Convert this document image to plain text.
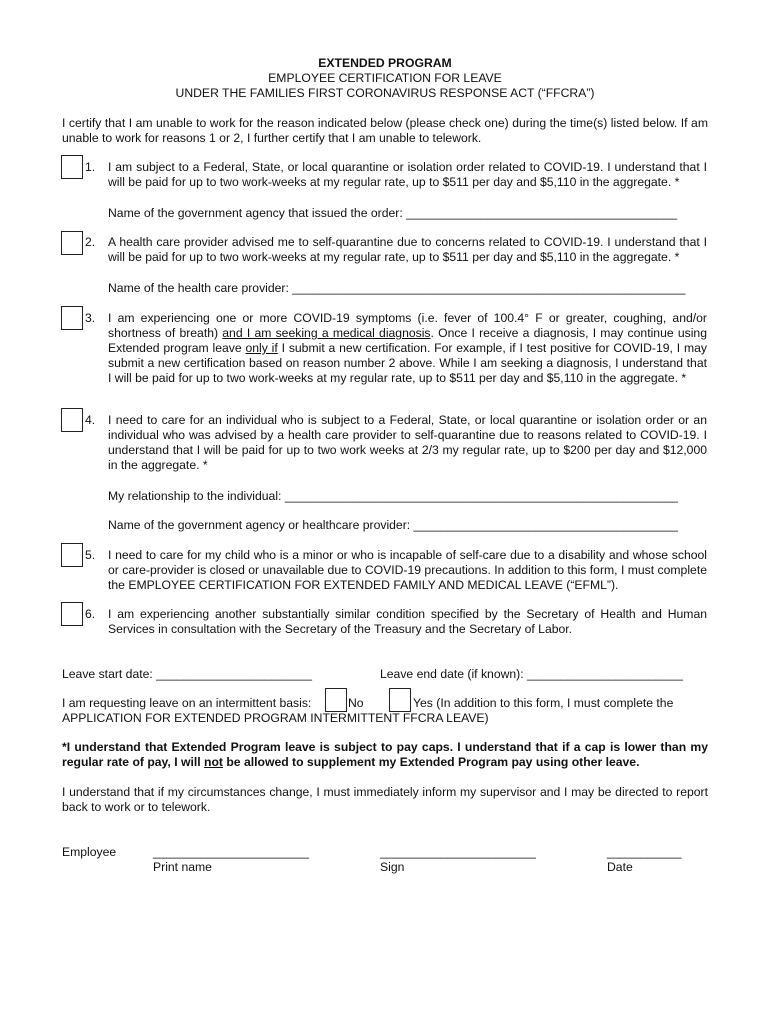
EXTENDED PROGRAM
EMPLOYEE CERTIFICATION FOR LEAVE
UNDER THE FAMILIES FIRST CORONAVIRUS RESPONSE ACT (“FFCRA”)
I certify that I am unable to work for the reason indicated below (please check one) during the time(s) listed below. If am unable to work for reasons 1 or 2, I further certify that I am unable to telework.
1.	I am subject to a Federal, State, or local quarantine or isolation order related to COVID-19. I understand that I will be paid for up to two work-weeks at my regular rate, up to $511 per day and $5,110 in the aggregate. *
Name of the government agency that issued the order: ________________________________________
2.	A health care provider advised me to self-quarantine due to concerns related to COVID-19. I understand that I will be paid for up to two work-weeks at my regular rate, up to $511 per day and $5,110 in the aggregate. *
Name of the health care provider: __________________________________________________________
3.	I am experiencing one or more COVID-19 symptoms (i.e. fever of 100.4° F or greater, coughing, and/or shortness of breath) and I am seeking a medical diagnosis. Once I receive a diagnosis, I may continue using Extended program leave only if I submit a new certification. For example, if I test positive for COVID-19, I may submit a new certification based on reason number 2 above. While I am seeking a diagnosis, I understand that I will be paid for up to two work-weeks at my regular rate, up to $511 per day and $5,110 in the aggregate. *
4.	I need to care for an individual who is subject to a Federal, State, or local quarantine or isolation order or an individual who was advised by a health care provider to self-quarantine due to reasons related to COVID-19. I understand that I will be paid for up to two work weeks at 2/3 my regular rate, up to $200 per day and $12,000 in the aggregate. *
My relationship to the individual: __________________________________________________________
Name of the government agency or healthcare provider: _______________________________________
5.	I need to care for my child who is a minor or who is incapable of self-care due to a disability and whose school or care-provider is closed or unavailable due to COVID-19 precautions. In addition to this form, I must complete the EMPLOYEE CERTIFICATION FOR EXTENDED FAMILY AND MEDICAL LEAVE (“EFML”).
6.	I am experiencing another substantially similar condition specified by the Secretary of Health and Human Services in consultation with the Secretary of the Treasury and the Secretary of Labor.
Leave start date: _______________________	Leave end date (if known): _______________________
I am requesting leave on an intermittent basis:	No	Yes (In addition to this form, I must complete the
APPLICATION FOR EXTENDED PROGRAM INTERMITTENT FFCRA LEAVE)
*I understand that Extended Program leave is subject to pay caps. I understand that if a cap is lower than my regular rate of pay, I will not be allowed to supplement my Extended Program pay using other leave.
I understand that if my circumstances change, I must immediately inform my supervisor and I may be directed to report back to work or to telework.
Employee	_______________________
Print name
_______________________
Sign
___________
Date
